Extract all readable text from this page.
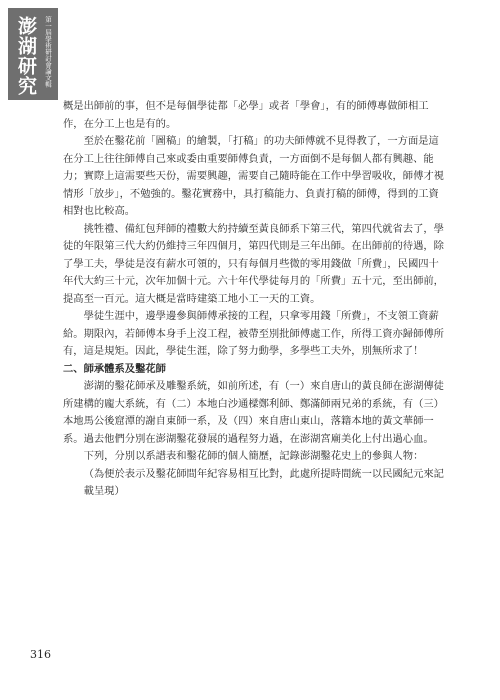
澎湖研究 第一屆學術研討會論文輯

概是出師前的事，但不是每個學徒都「必學」或者「學會」，有的師傅專做師相工作，在分工上也是有的。

至於在鑿花前「圖稿」的繪製，「打稿」的功夫師傅就不見得教了，一方面是這在分工上往往師傅自己來或委由重要師傅負責，一方面倒不是每個人都有興趣、能力；實際上這需要些天份，需要興趣，需要自己隨時能在工作中學習吸收，師傅才視情形「放步」，不勉強的。鑿花實務中，具打稿能力、負責打稿的師傅，得到的工資相對也比較高。

挑牲禮、備紅包拜師的禮數大約持續至黃良師系下第三代，第四代就省去了，學徒的年限第三代大約仍維持三年四個月，第四代則是三年出師。在出師前的待遇，除了學工夫，學徒是沒有薪水可領的，只有每個月些微的零用錢做「所費」，民國四十年代大約三十元，次年加個十元。六十年代學徒每月的「所費」五十元，至出師前，提高至一百元。這大概是當時建築工地小工一天的工資。

學徒生涯中，邊學邊參與師傅承接的工程，只拿零用錢「所費」，不支領工資薪給。期限內，若師傅本身手上沒工程，被帶至別批師傅處工作，所得工資亦歸師傅所有，這是規矩。因此，學徒生涯，除了努力動學，多學些工夫外，別無所求了！

二、師承體系及鑿花師

澎湖的鑿花師承及雕鑿系統，如前所述，有（一）來自唐山的黃良師在澎湖傳徒所建構的龐大系統，有（二）本地白沙通樑鄭利師、鄭滿師兩兄弟的系統，有（三）本地馬公後窟潭的謝自東師一系，及（四）來自唐山東山，落籍本地的黃文華師一系。過去他們分別在澎湖鑿花發展的過程努力過，在澎湖宮廟美化上付出過心血。

下列，分別以系譜表和鑿花師的個人簡歷，記錄澎湖鑿花史上的參與人物：

（為便於表示及鑿花師間年紀容易相互比對，此處所提時間統一以民國紀元來記載呈現）

316
